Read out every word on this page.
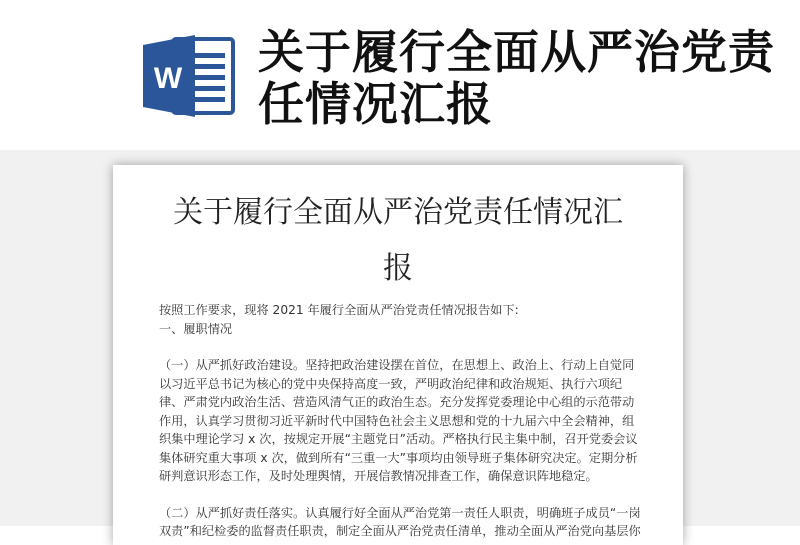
W 关于履行全面从严治党责任情况汇报
关于履行全面从严治党责任情况汇
报

按照工作要求，现将 2021 年履行全面从严治党责任情况报告如下:

一、履职情况

（一）从严抓好政治建设。坚持把政治建设摆在首位，在思想上、政治上、行动上自觉同以习近平总书记为核心的党中央保持高度一致，严明政治纪律和政治规矩、执行六项纪律、严肃党内政治生活、营造风清气正的政治生态。充分发挥党委理论中心组的示范带动作用，认真学习贯彻习近平新时代中国特色社会主义思想和党的十九届六中全会精神，组织集中理论学习 x 次，按规定开展“主题党日”活动。严格执行民主集中制，召开党委会议集体研究重大事项 x 次，做到所有“三重一大”事项均由领导班子集体研究决定。定期分析研判意识形态工作，及时处理舆情，开展信教情况排查工作，确保意识阵地稳定。

（二）从严抓好责任落实。认真履行好全面从严治党第一责任人职责，明确班子成员“一岗双责”和纪检委的监督责任职责，制定全面从严治党责任清单，推动全面从严治党向基层你
